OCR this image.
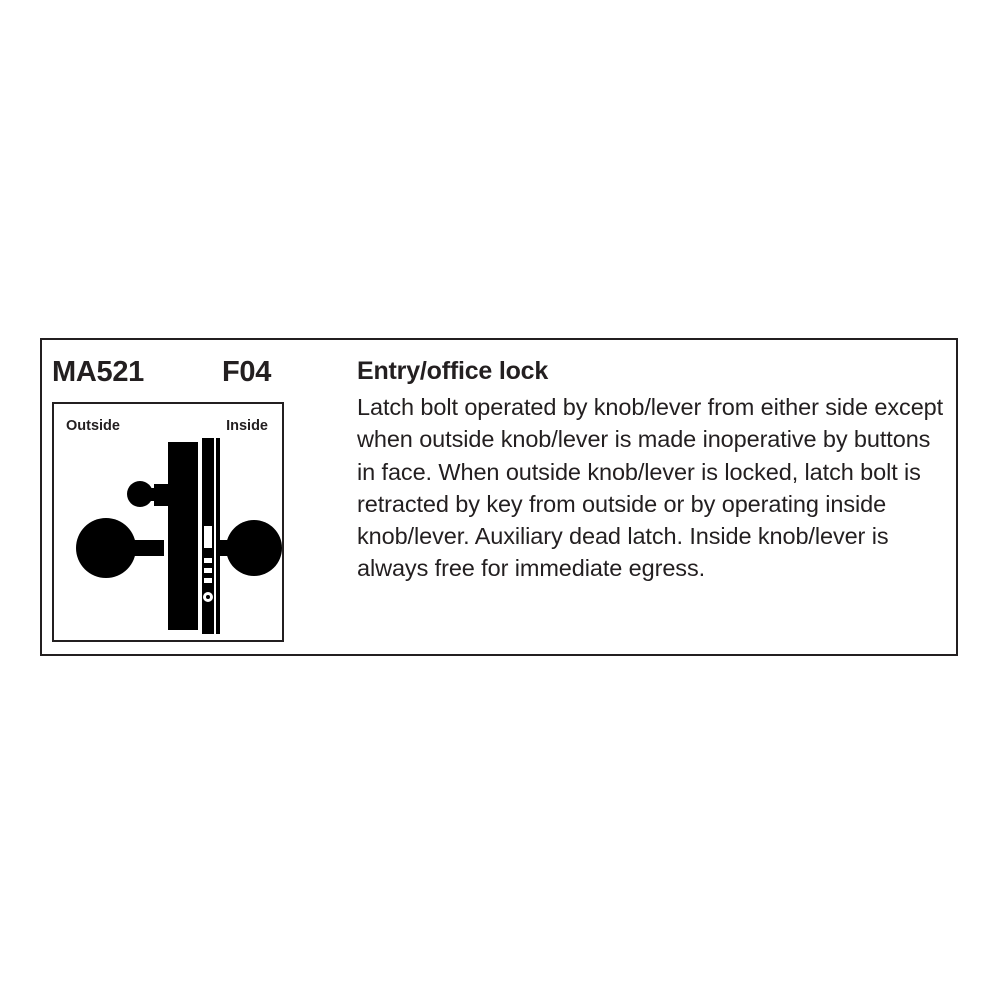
MA521	F04
Outside	Inside
Entry/office lock

Latch bolt operated by knob/lever from either side except when outside knob/lever is made inoperative by buttons in face. When outside knob/lever is locked, latch bolt is retracted by key from outside or by operating inside knob/lever. Auxiliary dead latch. Inside knob/lever is always free for immediate egress.
